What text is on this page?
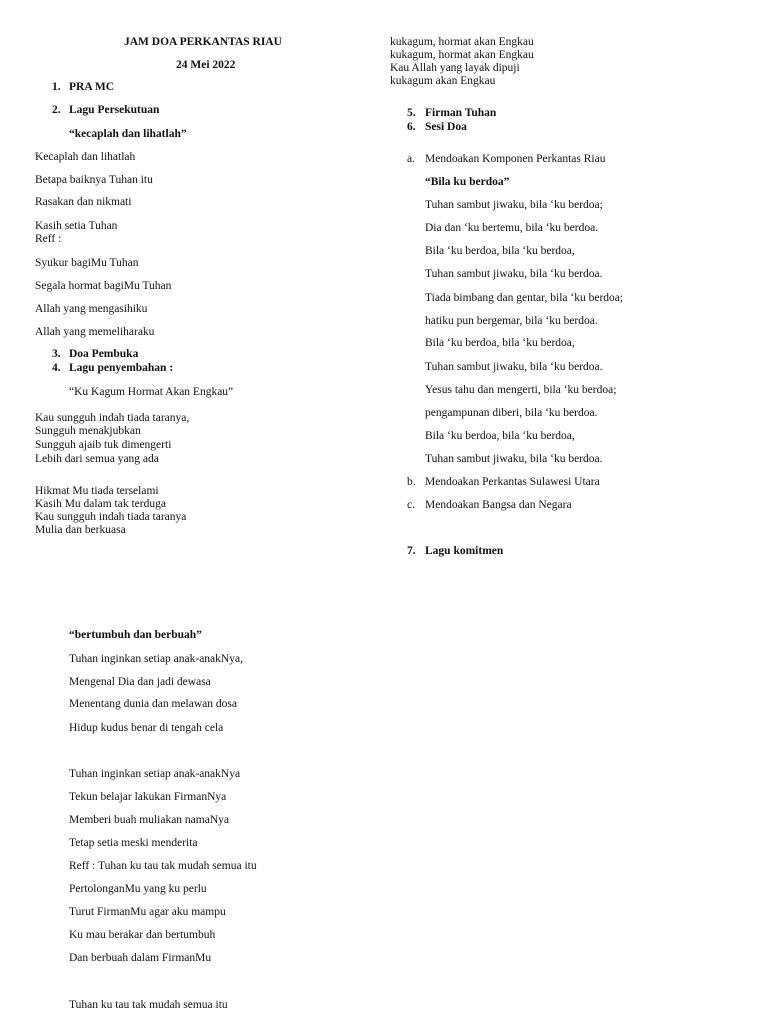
JAM DOA PERKANTAS RIAU
24 Mei 2022
1. PRA MC
2. Lagu Persekutuan
“kecaplah dan lihatlah”
Kecaplah dan lihatlah
Betapa baiknya Tuhan itu
Rasakan dan nikmati
Kasih setia Tuhan
Reff :
Syukur bagiMu Tuhan
Segala hormat bagiMu Tuhan
Allah yang mengasihiku
Allah yang memeliharaku
3. Doa Pembuka
4. Lagu penyembahan :
“Ku Kagum Hormat Akan Engkau”
Kau sungguh indah tiada taranya,
Sungguh menakjubkan
Sungguh ajaib tuk dimengerti
Lebih dari semua yang ada
Hikmat Mu tiada terselami
Kasih Mu dalam tak terduga
Kau sungguh indah tiada taranya
Mulia dan berkuasa
“bertumbuh dan berbuah”
Tuhan inginkan setiap anak-anakNya,
Mengenal Dia dan jadi dewasa
Menentang dunia dan melawan dosa
Hidup kudus benar di tengah cela
Tuhan inginkan setiap anak-anakNya
Tekun belajar lakukan FirmanNya
Memberi buah muliakan namaNya
Tetap setia meski menderita
Reff : Tuhan ku tau tak mudah semua itu
PertolonganMu yang ku perlu
Turut FirmanMu agar aku mampu
Ku mau berakar dan bertumbuh
Dan berbuah dalam FirmanMu
Tuhan ku tau tak mudah semua itu
kukagum, hormat akan Engkau
kukagum, hormat akan Engkau
Kau Allah yang layak dipuji
kukagum akan Engkau
5. Firman Tuhan
6. Sesi Doa
a. Mendoakan Komponen Perkantas Riau
“Bila ku berdoa”
Tuhan sambut jiwaku, bila ‘ku berdoa;
Dia dan ‘ku bertemu, bila ‘ku berdoa.
Bila ‘ku berdoa, bila ‘ku berdoa,
Tuhan sambut jiwaku, bila ‘ku berdoa.
Tiada bimbang dan gentar, bila ‘ku berdoa;
hatiku pun bergemar, bila ‘ku berdoa.
Bila ‘ku berdoa, bila ‘ku berdoa,
Tuhan sambut jiwaku, bila ‘ku berdoa.
Yesus tahu dan mengerti, bila ‘ku berdoa;
pengampunan diberi, bila ‘ku berdoa.
Bila ‘ku berdoa, bila ‘ku berdoa,
Tuhan sambut jiwaku, bila ‘ku berdoa.
b. Mendoakan Perkantas Sulawesi Utara
c. Mendoakan Bangsa dan Negara
7. Lagu komitmen
